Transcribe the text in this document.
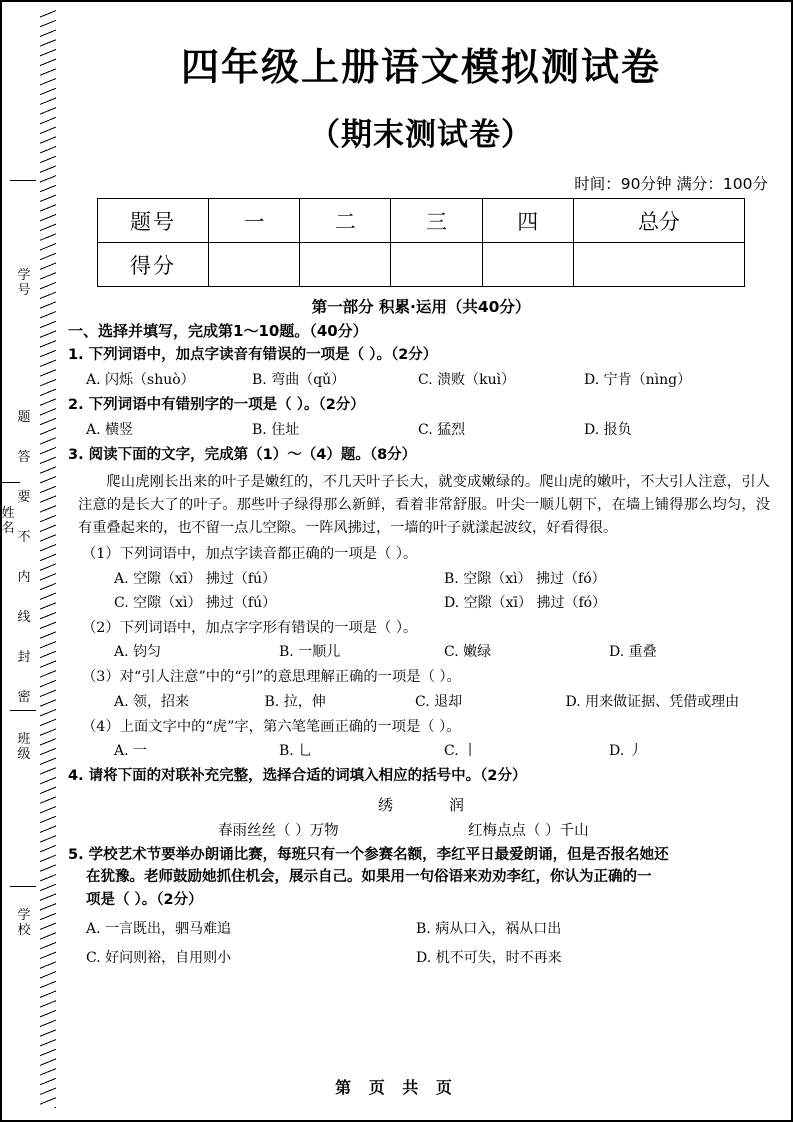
学号
题
答
要
不
内
线
封
密
班级
姓名
学校
四年级上册语文模拟测试卷
（期末测试卷）
时间：90分钟 满分：100分
题号	一	二	三	四	总分
得分					
第一部分 积累·运用（共40分）
一、选择并填写，完成第1～10题。（40分）
1. 下列词语中，加点字读音有错误的一项是（ ）。（2分）
A. 闪烁（shuò）	B. 弯曲（qǔ）	C. 溃败（kuì）	D. 宁肯（nìng）
2. 下列词语中有错别字的一项是（ ）。（2分）
A. 横竖	B. 住址	C. 猛烈	D. 报负
3. 阅读下面的文字，完成第（1）～（4）题。（8分）
爬山虎刚长出来的叶子是嫩红的，不几天叶子长大，就变成嫩绿的。爬山虎的嫩叶，不大引人注意，引人注意的是长大了的叶子。那些叶子绿得那么新鲜，看着非常舒服。叶尖一顺儿朝下，在墙上铺得那么均匀，没有重叠起来的，也不留一点儿空隙。一阵风拂过，一墙的叶子就漾起波纹，好看得很。
（1）下列词语中，加点字读音都正确的一项是（ ）。
A. 空隙（xī） 拂过（fú）	B. 空隙（xì） 拂过（fó）
C. 空隙（xì） 拂过（fú）	D. 空隙（xī） 拂过（fó）
（2）下列词语中，加点字字形有错误的一项是（ ）。
A. 钧匀	B. 一顺儿	C. 嫩绿	D. 重叠
（3）对“引人注意”中的“引”的意思理解正确的一项是（ ）。
A. 领，招来	B. 拉，伸	C. 退却	D. 用来做证据、凭借或理由
（4）上面文字中的“虎”字，第六笔笔画正确的一项是（ ）。
A. 一	B. 乚	C. 丨	D. 丿
4. 请将下面的对联补充完整，选择合适的词填入相应的括号中。（2分）
绣润
春雨丝丝（ ）万物	红梅点点（ ）千山
5. 学校艺术节要举办朗诵比赛，每班只有一个参赛名额，李红平日最爱朗诵，但是否报名她还
在犹豫。老师鼓励她抓住机会，展示自己。如果用一句俗语来劝劝李红，你认为正确的一
项是（ ）。（2分）
A. 一言既出，驷马难追	B. 病从口入，祸从口出
C. 好问则裕，自用则小	D. 机不可失，时不再来
第 页 共 页
